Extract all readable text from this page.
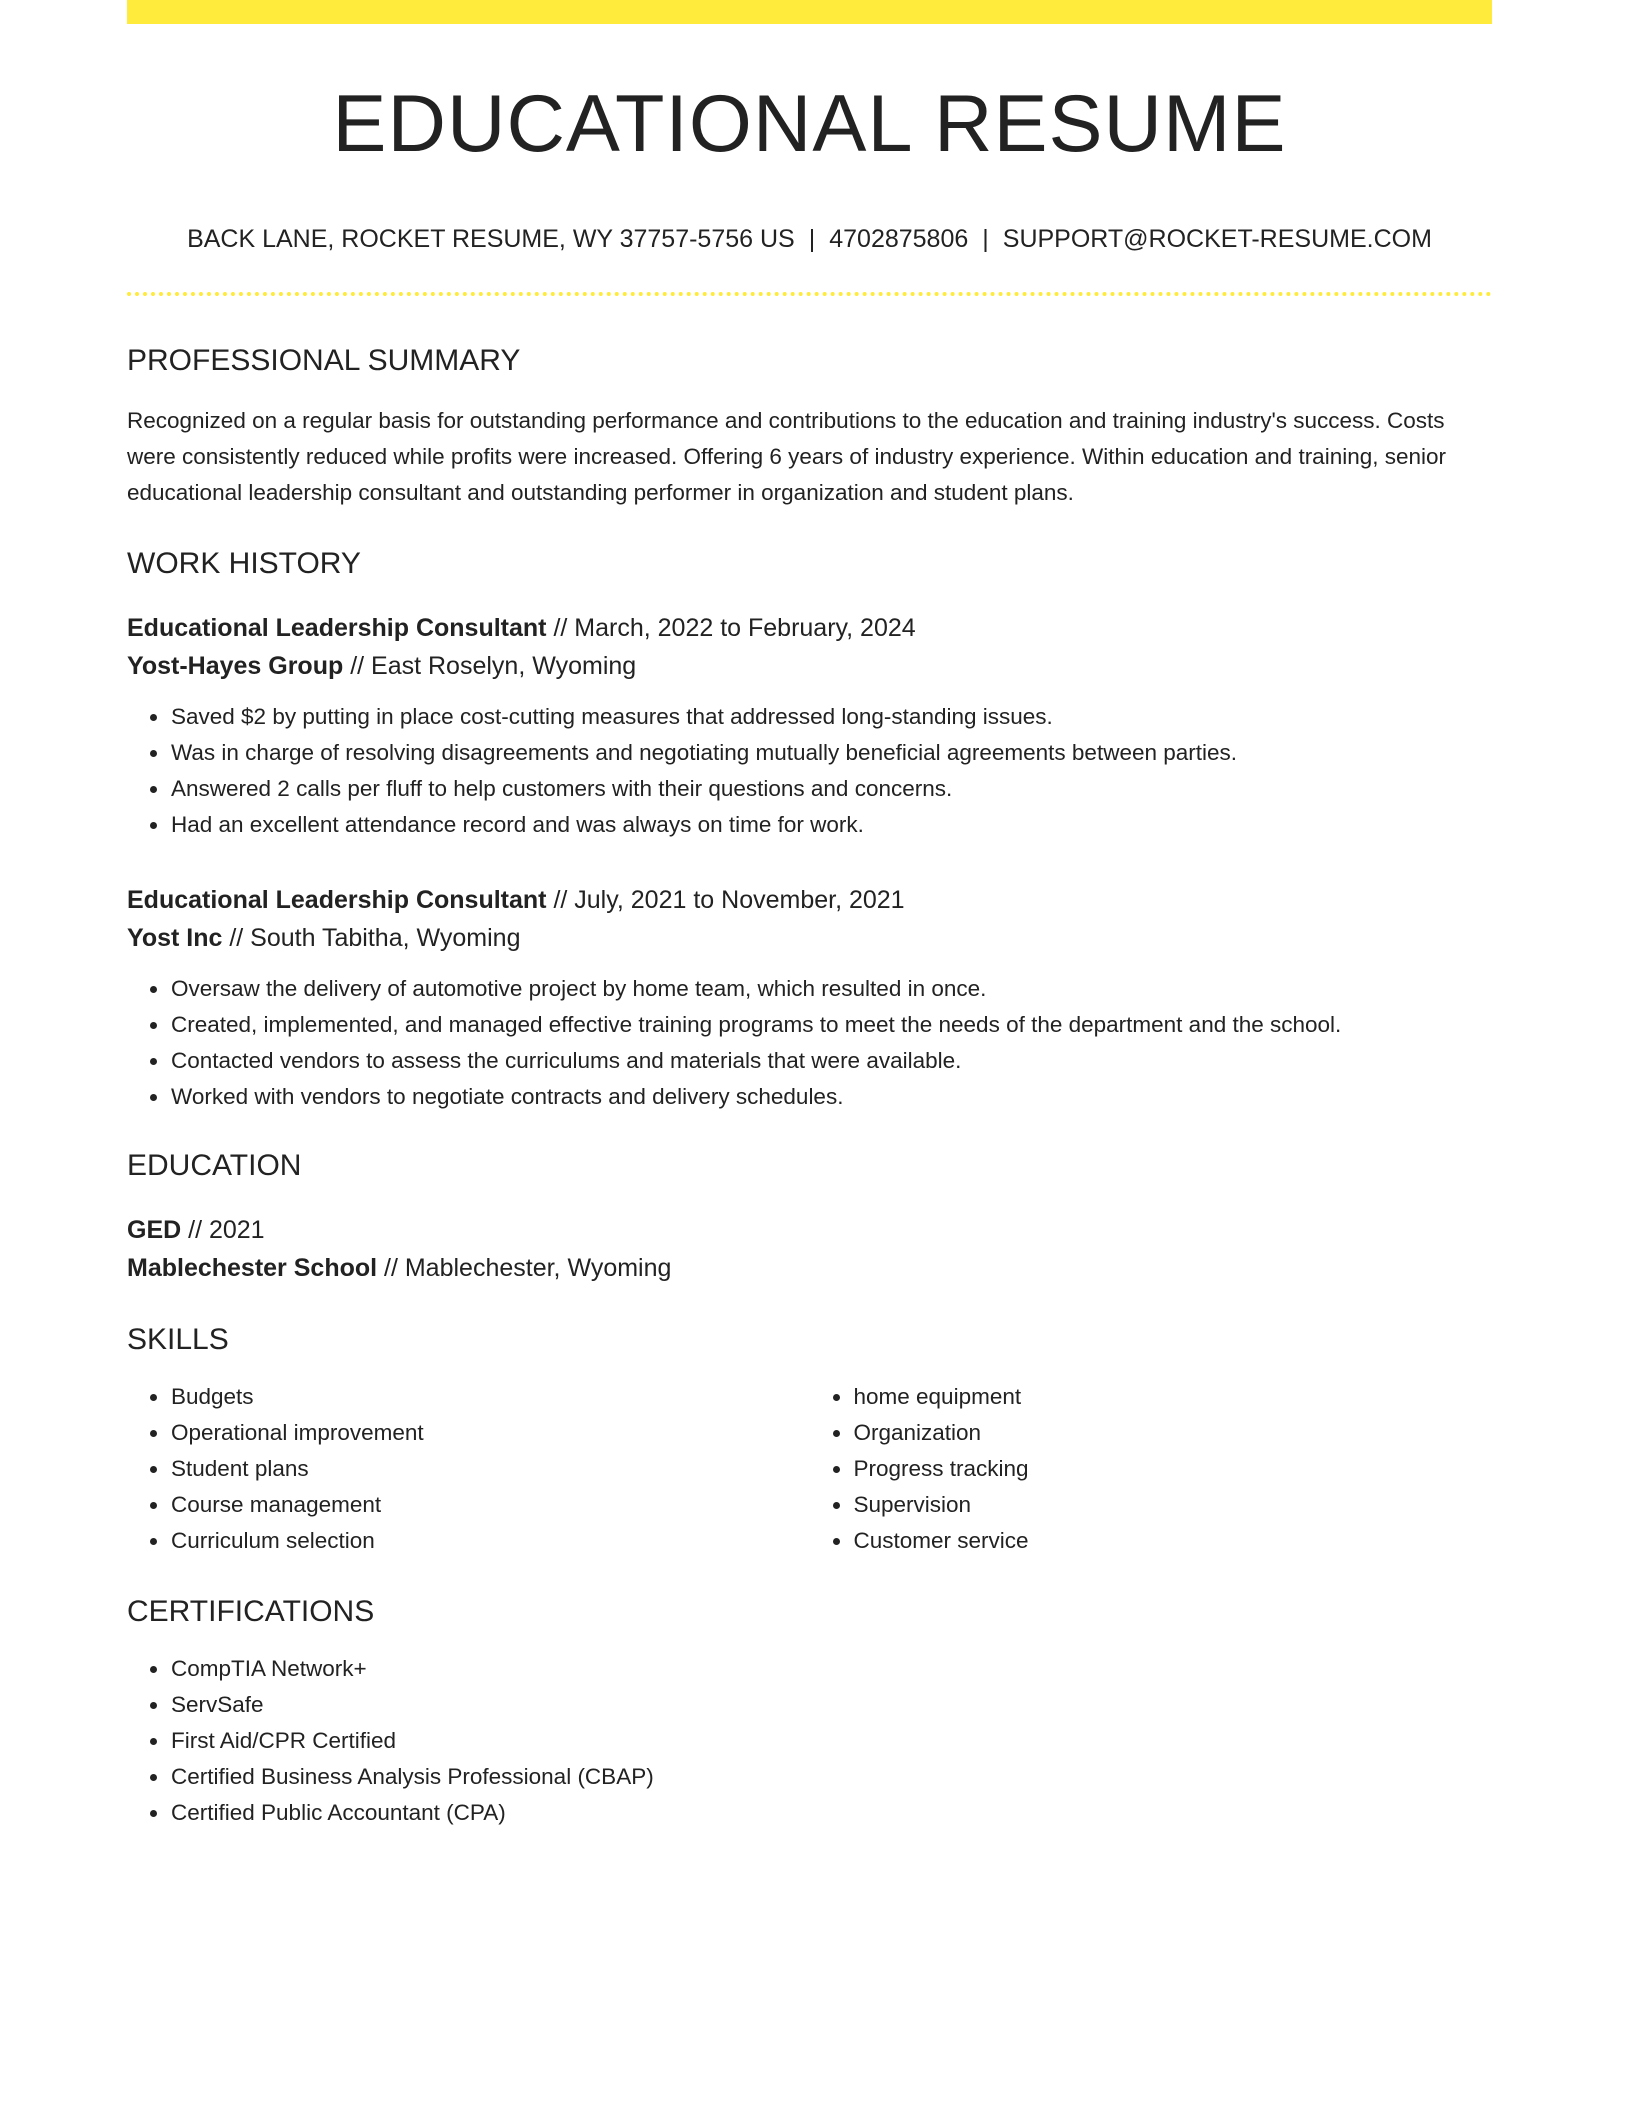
EDUCATIONAL RESUME
BACK LANE, ROCKET RESUME, WY 37757-5756 US | 4702875806 | SUPPORT@ROCKET-RESUME.COM
PROFESSIONAL SUMMARY

Recognized on a regular basis for outstanding performance and contributions to the education and training industry's success. Costs were consistently reduced while profits were increased. Offering 6 years of industry experience. Within education and training, senior educational leadership consultant and outstanding performer in organization and student plans.

WORK HISTORY
Educational Leadership Consultant // March, 2022 to February, 2024
Yost-Hayes Group // East Roselyn, Wyoming
• Saved $2 by putting in place cost-cutting measures that addressed long-standing issues.
• Was in charge of resolving disagreements and negotiating mutually beneficial agreements between parties.
• Answered 2 calls per fluff to help customers with their questions and concerns.
• Had an excellent attendance record and was always on time for work.
Educational Leadership Consultant // July, 2021 to November, 2021
Yost Inc // South Tabitha, Wyoming
• Oversaw the delivery of automotive project by home team, which resulted in once.
• Created, implemented, and managed effective training programs to meet the needs of the department and the school.
• Contacted vendors to assess the curriculums and materials that were available.
• Worked with vendors to negotiate contracts and delivery schedules.
EDUCATION
GED // 2021
Mablechester School // Mablechester, Wyoming
SKILLS
• Budgets
• Operational improvement
• Student plans
• Course management
• Curriculum selection
• home equipment
• Organization
• Progress tracking
• Supervision
• Customer service
CERTIFICATIONS
• CompTIA Network+
• ServSafe
• First Aid/CPR Certified
• Certified Business Analysis Professional (CBAP)
• Certified Public Accountant (CPA)
